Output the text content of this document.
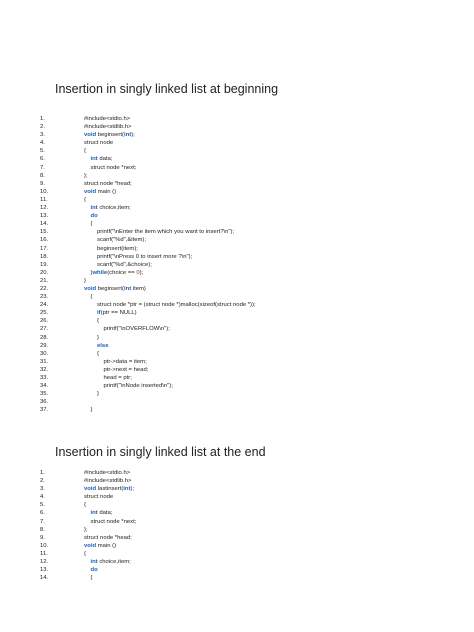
Insertion in singly linked list at beginning
1.	#include<stdio.h>
2.	#include<stdlib.h>
3.	void beginsert(int);
4.	struct node
5.	{
6.	int data;
7.	struct node *next;
8.	};
9.	struct node *head;
10.	void main ()
11.	{
12.	int choice,item;
13.	do
14.	{
15.	printf("\nEnter the item which you want to insert?\n");
16.	scanf("%d",&item);
17.	beginsert(item);
18.	printf("\nPress 0 to insert more ?\n");
19.	scanf("%d",&choice);
20.	}while(choice == 0);
21.	}
22.	void beginsert(int item)
23.	{
24.	struct node *ptr = (struct node *)malloc(sizeof(struct node *));
25.	if(ptr == NULL)
26.	{
27.	printf("\nOVERFLOW\n");
28.	}
29.	else
30.	{
31.	ptr->data = item;
32.	ptr->next = head;
33.	head = ptr;
34.	printf("\nNode inserted\n");
35.	}
36.
37.	}
Insertion in singly linked list at the end
1.	#include<stdio.h>
2.	#include<stdlib.h>
3.	void lastinsert(int);
4.	struct node
5.	{
6.	int data;
7.	struct node *next;
8.	};
9.	struct node *head;
10.	void main ()
11.	{
12.	int choice,item;
13.	do
14.	{
